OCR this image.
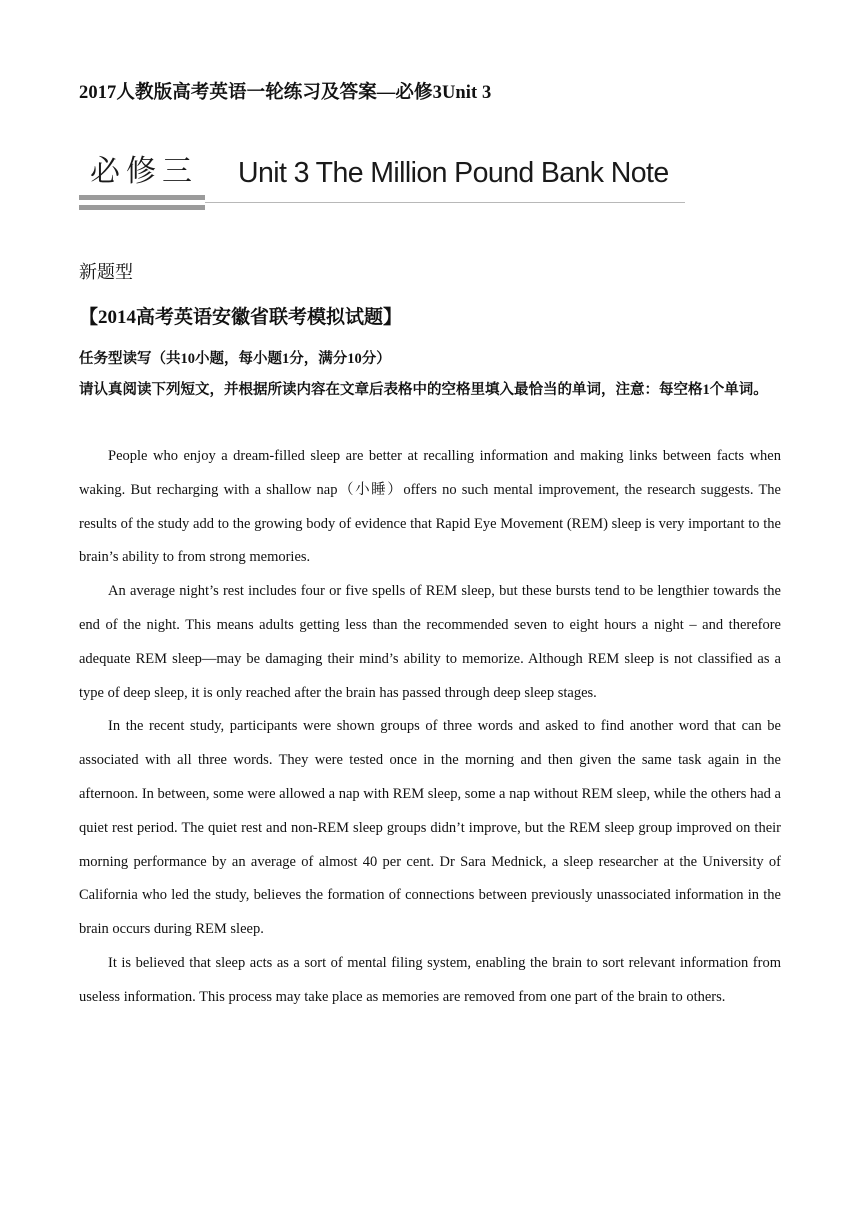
2017人教版高考英语一轮练习及答案—必修3Unit 3
必修三 Unit 3 The Million Pound Bank Note
新题型
【2014高考英语安徽省联考模拟试题】
任务型读写（共10小题，每小题1分，满分10分）
请认真阅读下列短文，并根据所读内容在文章后表格中的空格里填入最恰当的单词，注意：每空格1个单词。

People who enjoy a dream-filled sleep are better at recalling information and making links between facts when waking. But recharging with a shallow nap（小睡）offers no such mental improvement, the research suggests. The results of the study add to the growing body of evidence that Rapid Eye Movement (REM) sleep is very important to the brain’s ability to from strong memories.

An average night’s rest includes four or five spells of REM sleep, but these bursts tend to be lengthier towards the end of the night. This means adults getting less than the recommended seven to eight hours a night – and therefore adequate REM sleep—may be damaging their mind’s ability to memorize. Although REM sleep is not classified as a type of deep sleep, it is only reached after the brain has passed through deep sleep stages.

In the recent study, participants were shown groups of three words and asked to find another word that can be associated with all three words. They were tested once in the morning and then given the same task again in the afternoon. In between, some were allowed a nap with REM sleep, some a nap without REM sleep, while the others had a quiet rest period. The quiet rest and non-REM sleep groups didn’t improve, but the REM sleep group improved on their morning performance by an average of almost 40 per cent. Dr Sara Mednick, a sleep researcher at the University of California who led the study, believes the formation of connections between previously unassociated information in the brain occurs during REM sleep.

It is believed that sleep acts as a sort of mental filing system, enabling the brain to sort relevant information from useless information. This process may take place as memories are removed from one part of the brain to others.
